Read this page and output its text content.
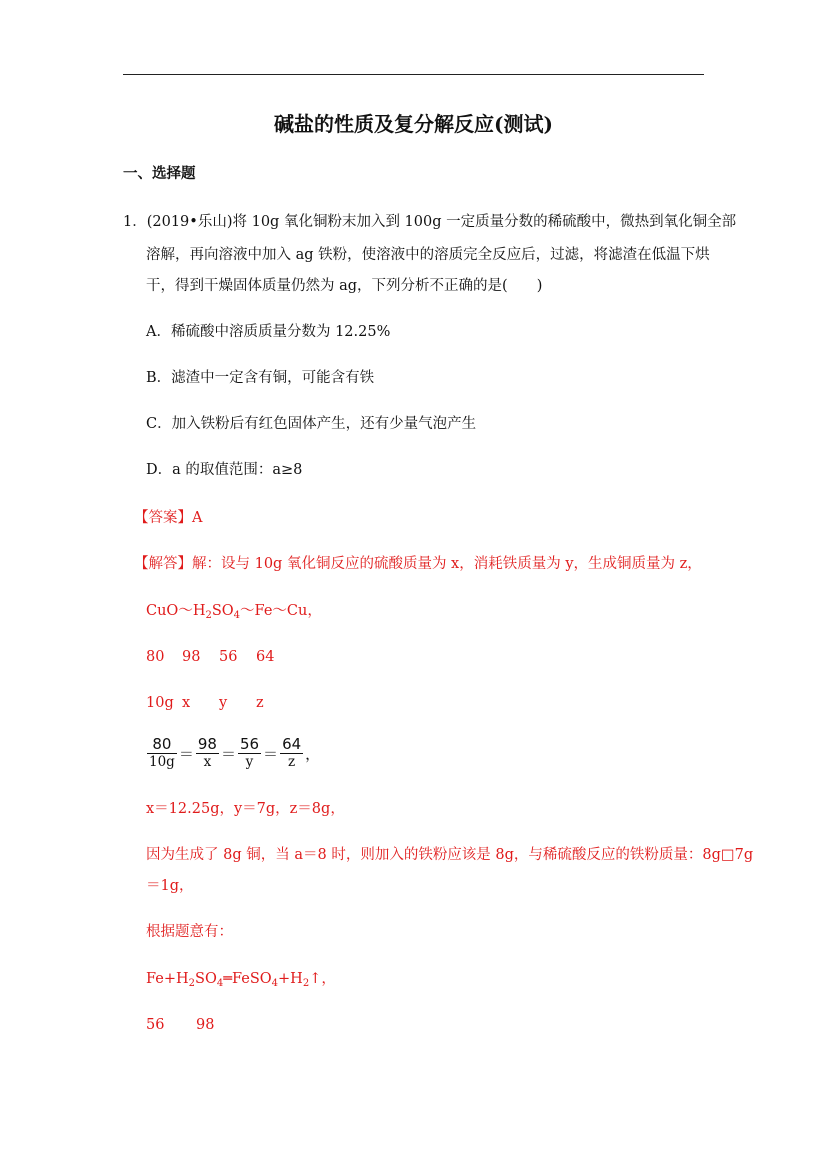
碱盐的性质及复分解反应(测试)
一、选择题
1．(2019•乐山)将 10g 氧化铜粉末加入到 100g 一定质量分数的稀硫酸中，微热到氧化铜全部
溶解，再向溶液中加入 ag 铁粉，使溶液中的溶质完全反应后，过滤，将滤渣在低温下烘
干，得到干燥固体质量仍然为 ag，下列分析不正确的是(　　)
A．稀硫酸中溶质质量分数为 12.25%
B．滤渣中一定含有铜，可能含有铁
C．加入铁粉后有红色固体产生，还有少量气泡产生
D．a 的取值范围：a≥8
【答案】A
【解答】解：设与 10g 氧化铜反应的硫酸质量为 x，消耗铁质量为 y，生成铜质量为 z，
$CuO\sim H_2SO_4\sim Fe\sim Cu$，
80 98 56 64
10g x y z
$\frac{80}{10g} = \frac{98}{x} = \frac{56}{y} = \frac{64}{z}$ ，
x＝12.25g，y＝7g，z＝8g，
因为生成了 8g 铜，当 a＝8 时，则加入的铁粉应该是 8g，与稀硫酸反应的铁粉质量：8g□7g
＝1g，
根据题意有：
$Fe+H_2SO_4═FeSO_4+H_2↑$，
56 98
